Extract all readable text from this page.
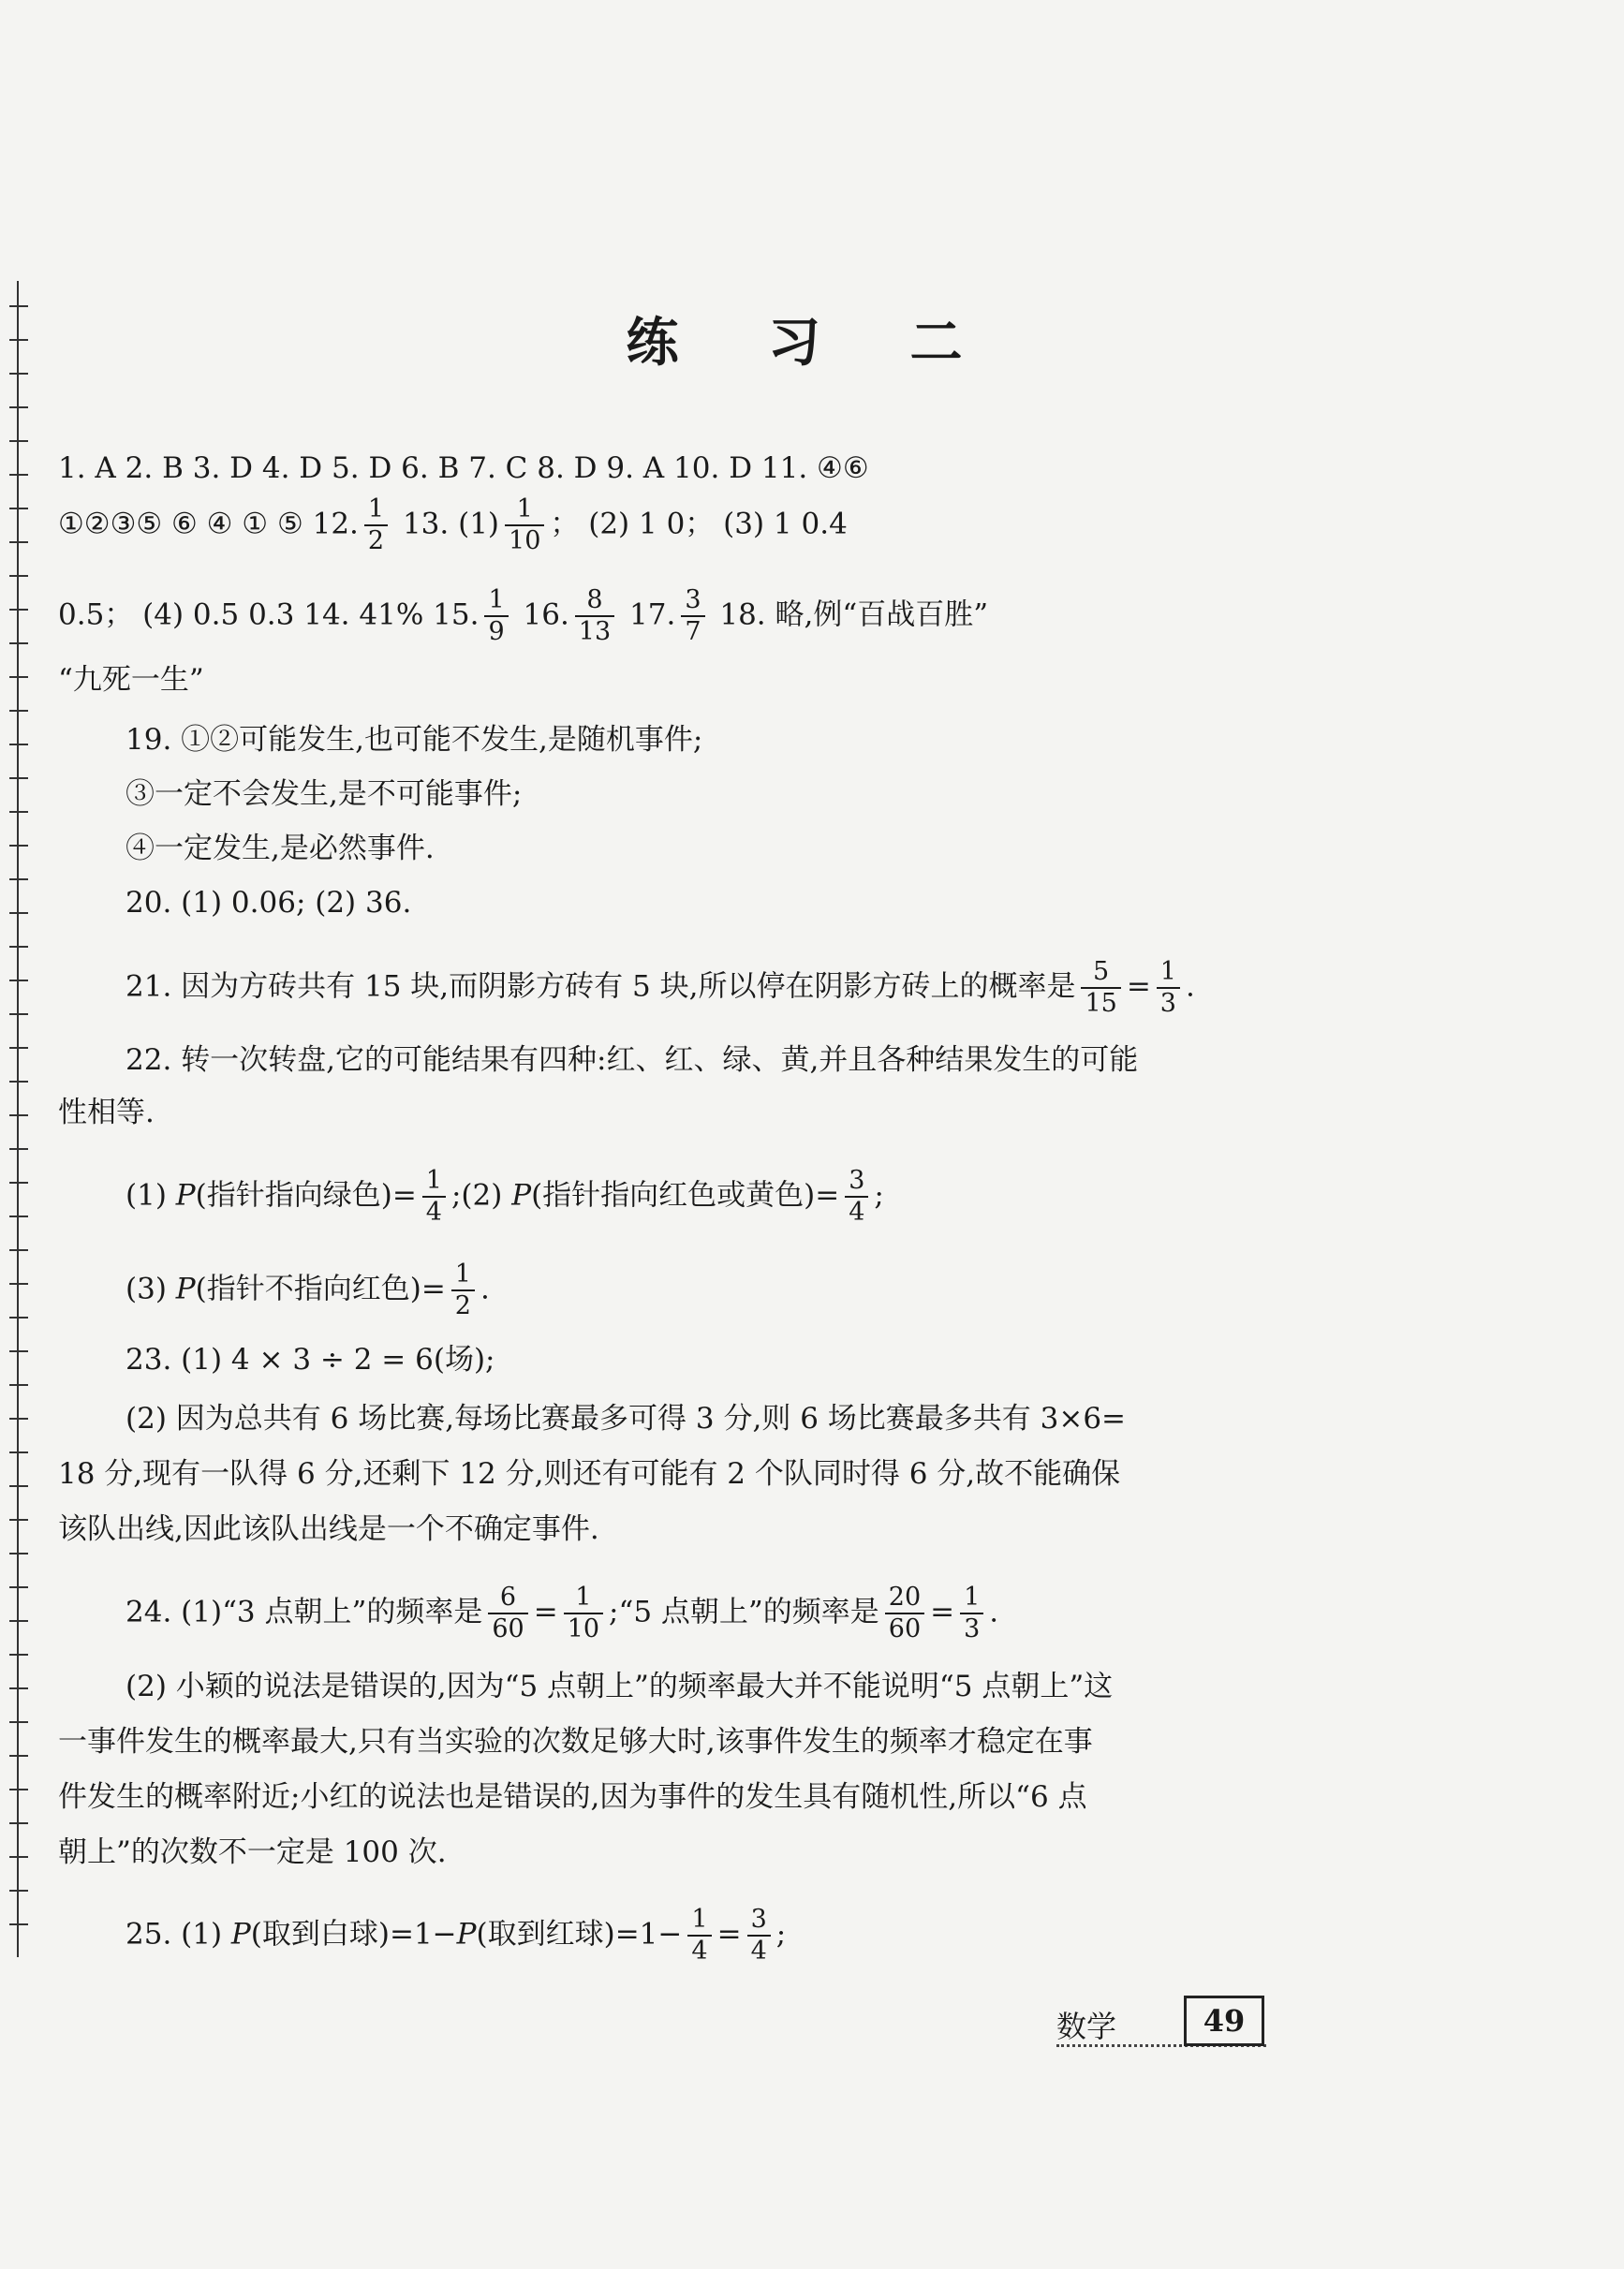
练 习 二
1. A 2. B 3. D 4. D 5. D 6. B 7. C 8. D 9. A 10. D 11. ④⑥
①②③⑤ ⑥ ④ ① ⑤ 12. $\frac{1}{2} 13$. $(1) \frac{1}{10}$ ； (2) 1 0； (3) 1 0.4
0.5； (4) 0.5 0.3 14. 41% 15. $\frac{1}{9} 16$. $\frac{8}{13} 17$. $\frac{3}{7} 18$. 略,例“百战百胜”
“九死一生”
19. ①②可能发生,也可能不发生,是随机事件;
③一定不会发生,是不可能事件;
④一定发生,是必然事件.
20. (1) 0.06; (2) 36.
21. 因为方砖共有 15 块,而阴影方砖有 5 块,所以停在阴影方砖上的概率是 $\frac{5}{15} = \frac{1}{3}$ .
22. 转一次转盘,它的可能结果有四种:红、红、绿、黄,并且各种结果发生的可能
性相等.
(1) P(指针指向绿色)= $\frac{1}{4}$ ;(2) P(指针指向红色或黄色)= $\frac{3}{4}$ ;
(3) P(指针不指向红色)= $\frac{1}{2}$ .
23. (1) 4 × 3 ÷ 2 = 6(场);
(2) 因为总共有 6 场比赛,每场比赛最多可得 3 分,则 6 场比赛最多共有 3×6=
18 分,现有一队得 6 分,还剩下 12 分,则还有可能有 2 个队同时得 6 分,故不能确保
该队出线,因此该队出线是一个不确定事件.
24. (1)“3 点朝上”的频率是 $\frac{6}{60} = \frac{1}{10}$ ;“5 点朝上”的频率是 $\frac{20}{60} = \frac{1}{3}$ .
(2) 小颖的说法是错误的,因为“5 点朝上”的频率最大并不能说明“5 点朝上”这
一事件发生的概率最大,只有当实验的次数足够大时,该事件发生的频率才稳定在事
件发生的概率附近;小红的说法也是错误的,因为事件的发生具有随机性,所以“6 点
朝上”的次数不一定是 100 次.
25. (1) P(取到白球)=1−P(取到红球)$=1- \frac{1}{4} = \frac{3}{4}$ ;
数学	49
